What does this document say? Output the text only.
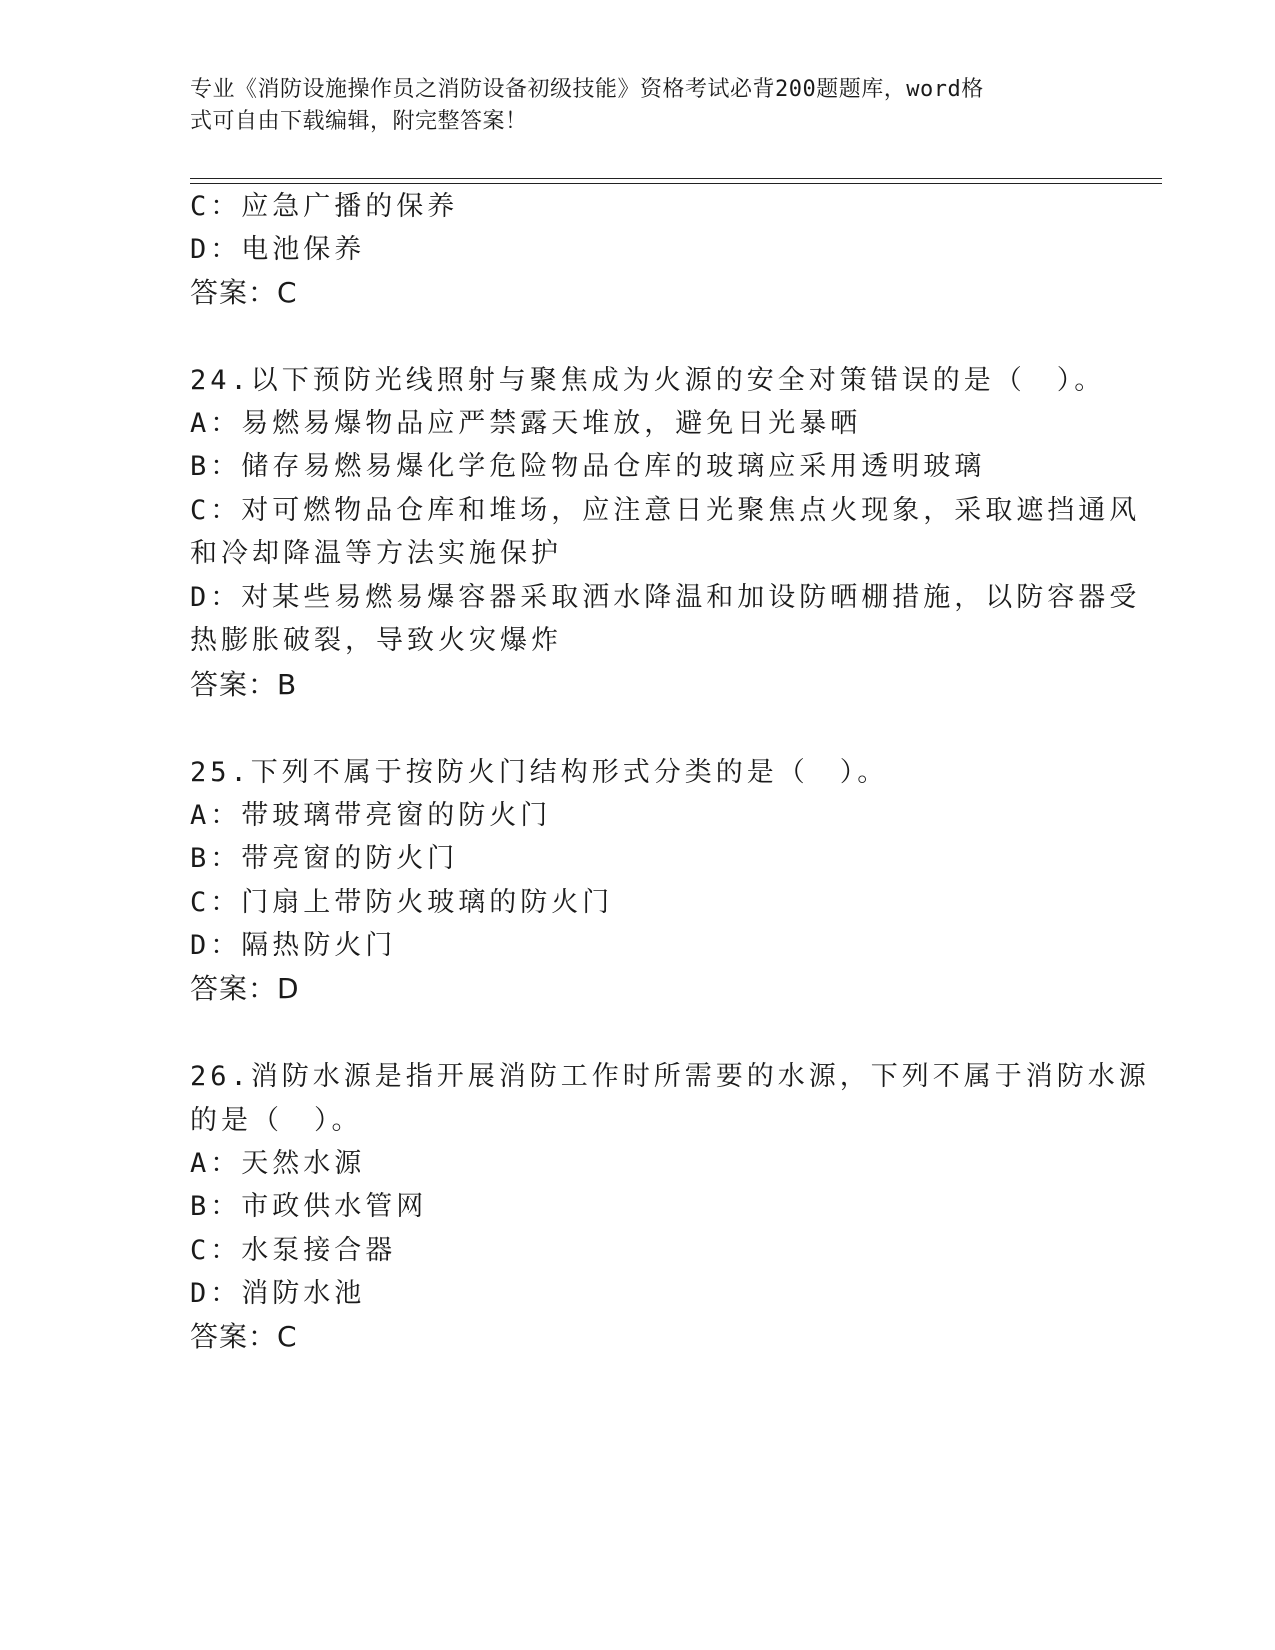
专业《消防设施操作员之消防设备初级技能》资格考试必背200题题库，word格
式可自由下载编辑，附完整答案！
C：应急广播的保养
D：电池保养
答案：C
24.以下预防光线照射与聚焦成为火源的安全对策错误的是（　）。
A：易燃易爆物品应严禁露天堆放，避免日光暴晒
B：储存易燃易爆化学危险物品仓库的玻璃应采用透明玻璃
C：对可燃物品仓库和堆场，应注意日光聚焦点火现象，采取遮挡通风
和冷却降温等方法实施保护
D：对某些易燃易爆容器采取洒水降温和加设防晒棚措施，以防容器受
热膨胀破裂，导致火灾爆炸
答案：B
25.下列不属于按防火门结构形式分类的是（　）。
A：带玻璃带亮窗的防火门
B：带亮窗的防火门
C：门扇上带防火玻璃的防火门
D：隔热防火门
答案：D
26.消防水源是指开展消防工作时所需要的水源，下列不属于消防水源
的是（　）。
A：天然水源
B：市政供水管网
C：水泵接合器
D：消防水池
答案：C
